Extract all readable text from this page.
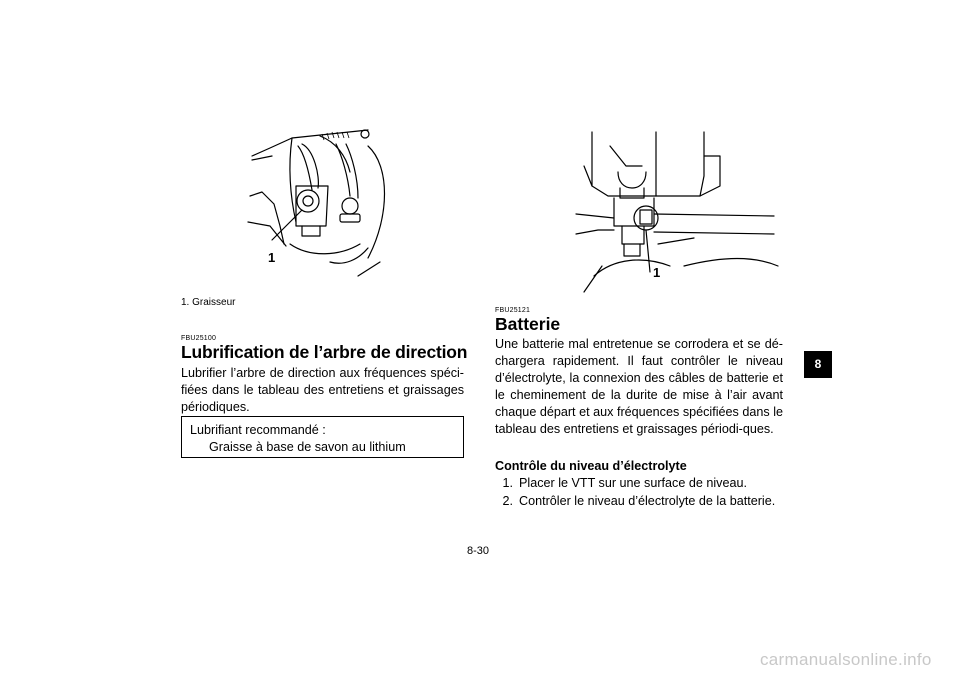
1
1. Graisseur
FBU25100
Lubrification de l’arbre de direction
Lubrifier l’arbre de direction aux fréquences spéci-fiées dans le tableau des entretiens et graissages périodiques.
Lubrifiant recommandé :
Graisse à base de savon au lithium
1
FBU25121
Batterie
Une batterie mal entretenue se corrodera et se dé-chargera rapidement. Il faut contrôler le niveau d’électrolyte, la connexion des câbles de batterie et le cheminement de la durite de mise à l’air avant chaque départ et aux fréquences spécifiées dans le tableau des entretiens et graissages périodi-ques.
Contrôle du niveau d’électrolyte
1. Placer le VTT sur une surface de niveau.
2. Contrôler le niveau d’électrolyte de la batterie.
8
8-30
carmanualsonline.info
